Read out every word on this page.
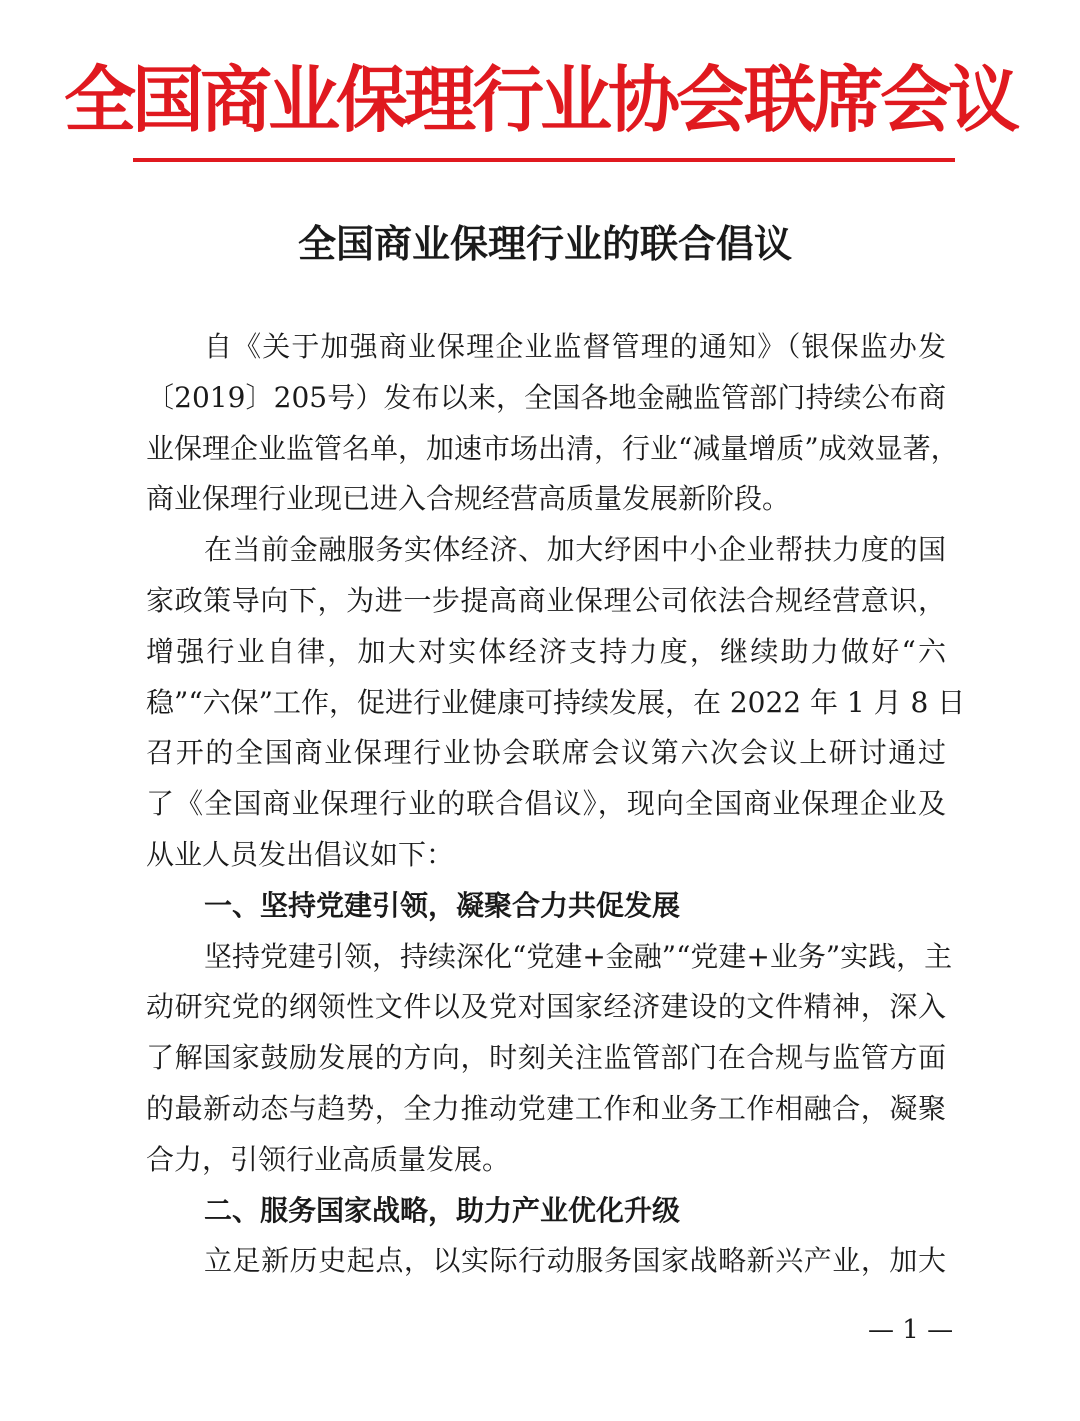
全国商业保理行业协会联席会议
全国商业保理行业的联合倡议
自《关于加强商业保理企业监督管理的通知》（银保监办发
〔2019〕205号）发布以来，全国各地金融监管部门持续公布商
业保理企业监管名单，加速市场出清，行业“减量增质”成效显著，
商业保理行业现已进入合规经营高质量发展新阶段。
在当前金融服务实体经济、加大纾困中小企业帮扶力度的国
家政策导向下，为进一步提高商业保理公司依法合规经营意识，
增强行业自律，加大对实体经济支持力度，继续助力做好“六
稳”“六保”工作，促进行业健康可持续发展，在 2022 年 1 月 8 日
召开的全国商业保理行业协会联席会议第六次会议上研讨通过
了《全国商业保理行业的联合倡议》，现向全国商业保理企业及
从业人员发出倡议如下：
一、坚持党建引领，凝聚合力共促发展
坚持党建引领，持续深化“党建+金融”“党建+业务”实践，主
动研究党的纲领性文件以及党对国家经济建设的文件精神，深入
了解国家鼓励发展的方向，时刻关注监管部门在合规与监管方面
的最新动态与趋势，全力推动党建工作和业务工作相融合，凝聚
合力，引领行业高质量发展。
二、服务国家战略，助力产业优化升级
立足新历史起点，以实际行动服务国家战略新兴产业，加大
— 1 —
